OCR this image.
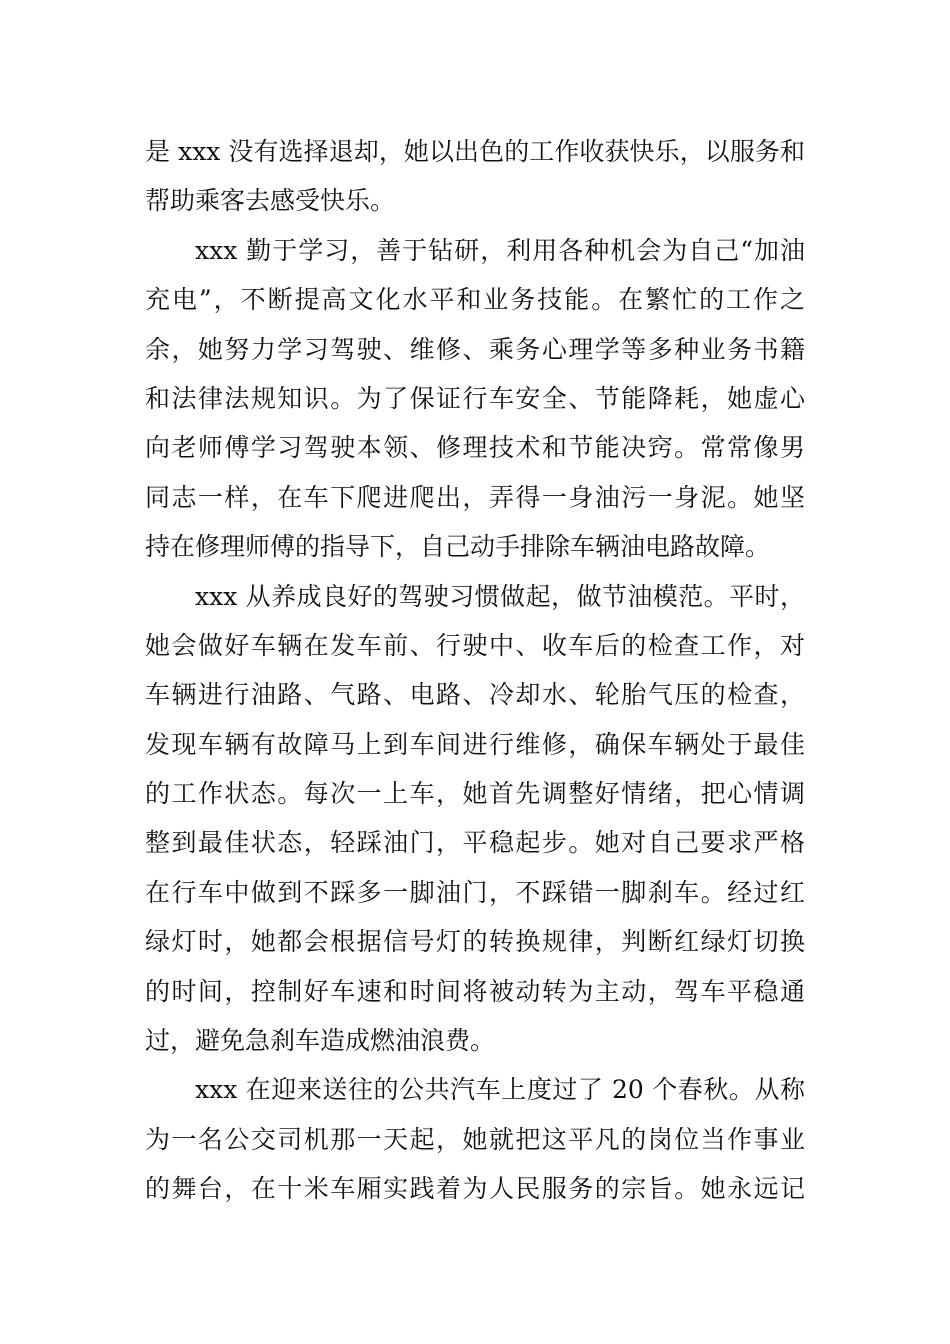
是 xxx 没有选择退却，她以出色的工作收获快乐，以服务和
帮助乘客去感受快乐。
xxx 勤于学习，善于钻研，利用各种机会为自己“加油
充电”，不断提高文化水平和业务技能。在繁忙的工作之
余，她努力学习驾驶、维修、乘务心理学等多种业务书籍
和法律法规知识。为了保证行车安全、节能降耗，她虚心
向老师傅学习驾驶本领、修理技术和节能决窍。常常像男
同志一样，在车下爬进爬出，弄得一身油污一身泥。她坚
持在修理师傅的指导下，自己动手排除车辆油电路故障。
xxx 从养成良好的驾驶习惯做起，做节油模范。平时，
她会做好车辆在发车前、行驶中、收车后的检查工作，对
车辆进行油路、气路、电路、冷却水、轮胎气压的检查，
发现车辆有故障马上到车间进行维修，确保车辆处于最佳
的工作状态。每次一上车，她首先调整好情绪，把心情调
整到最佳状态，轻踩油门，平稳起步。她对自己要求严格
在行车中做到不踩多一脚油门，不踩错一脚刹车。经过红
绿灯时，她都会根据信号灯的转换规律，判断红绿灯切换
的时间，控制好车速和时间将被动转为主动，驾车平稳通
过，避免急刹车造成燃油浪费。
xxx 在迎来送往的公共汽车上度过了 20 个春秋。从称
为一名公交司机那一天起，她就把这平凡的岗位当作事业
的舞台，在十米车厢实践着为人民服务的宗旨。她永远记
